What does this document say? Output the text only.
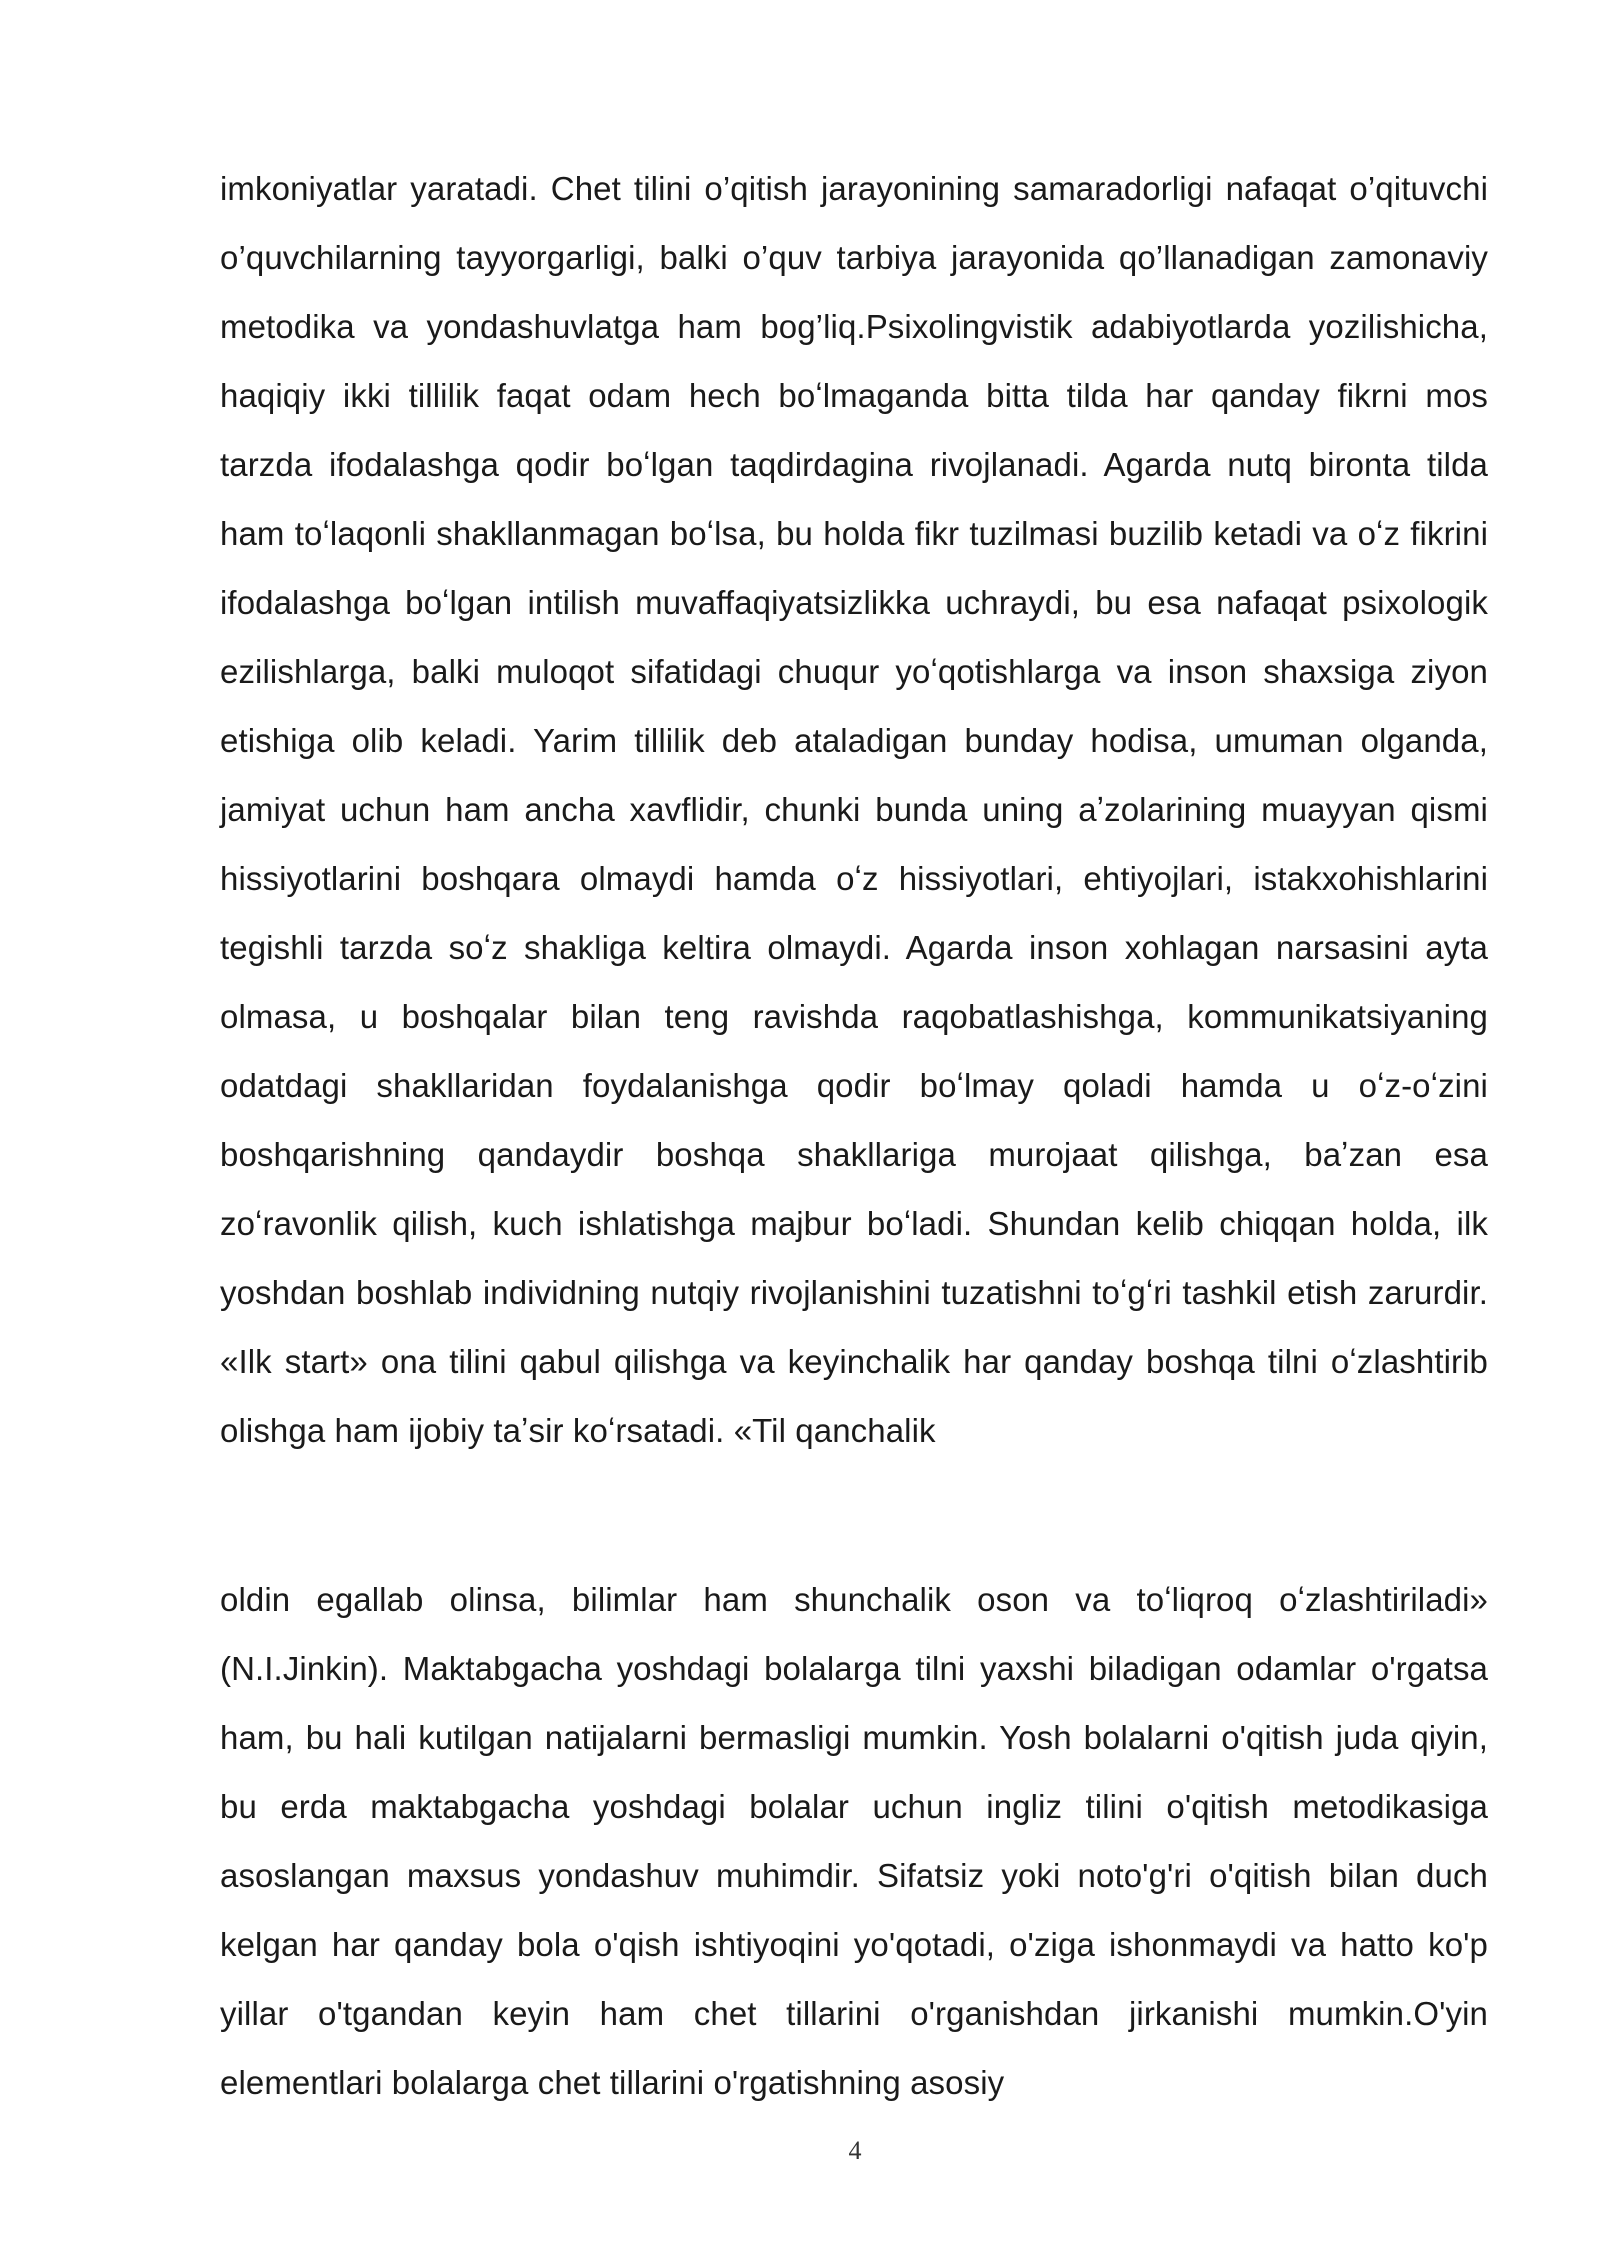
imkoniyatlar yaratadi. Chet tilini o’qitish jarayonining samaradorligi nafaqat o’qituvchi o’quvchilarning tayyorgarligi, balki o’quv tarbiya jarayonida qo’llanadigan zamonaviy metodika va yondashuvlatga ham bog’liq.Psixolingvistik adabiyotlarda yozilishicha, haqiqiy ikki tillilik faqat odam hech boʻlmaganda bitta tilda har qanday fikrni mos tarzda ifodalashga qodir boʻlgan taqdirdagina rivojlanadi. Agarda nutq bironta tilda ham toʻlaqonli shakllanmagan boʻlsa, bu holda fikr tuzilmasi buzilib ketadi va oʻz fikrini ifodalashga boʻlgan intilish muvaffaqiyatsizlikka uchraydi, bu esa nafaqat psixologik ezilishlarga, balki muloqot sifatidagi chuqur yoʻqotishlarga va inson shaxsiga ziyon etishiga olib keladi. Yarim tillilik deb ataladigan bunday hodisa, umuman olganda, jamiyat uchun ham ancha xavflidir, chunki bunda uning aʼzolarining muayyan qismi hissiyotlarini boshqara olmaydi hamda oʻz hissiyotlari, ehtiyojlari, istakxohishlarini tegishli tarzda soʻz shakliga keltira olmaydi. Agarda inson xohlagan narsasini ayta olmasa, u boshqalar bilan teng ravishda raqobatlashishga, kommunikatsiyaning odatdagi shakllaridan foydalanishga qodir boʻlmay qoladi hamda u oʻz-oʻzini boshqarishning qandaydir boshqa shakllariga murojaat qilishga, baʼzan esa zoʻravonlik qilish, kuch ishlatishga majbur boʻladi. Shundan kelib chiqqan holda, ilk yoshdan boshlab individning nutqiy rivojlanishini tuzatishni toʻgʻri tashkil etish zarurdir. «Ilk start» ona tilini qabul qilishga va keyinchalik har qanday boshqa tilni oʻzlashtirib olishga ham ijobiy taʼsir koʻrsatadi. «Til qanchalik

oldin egallab olinsa, bilimlar ham shunchalik oson va toʻliqroq oʻzlashtiriladi» (N.I.Jinkin). Maktabgacha yoshdagi bolalarga tilni yaxshi biladigan odamlar o'rgatsa ham, bu hali kutilgan natijalarni bermasligi mumkin. Yosh bolalarni o'qitish juda qiyin, bu erda maktabgacha yoshdagi bolalar uchun ingliz tilini o'qitish metodikasiga asoslangan maxsus yondashuv muhimdir. Sifatsiz yoki noto'g'ri o'qitish bilan duch kelgan har qanday bola o'qish ishtiyoqini yo'qotadi, o'ziga ishonmaydi va hatto ko'p yillar o'tgandan keyin ham chet tillarini o'rganishdan jirkanishi mumkin.O'yin elementlari bolalarga chet tillarini o'rgatishning asosiy

4
